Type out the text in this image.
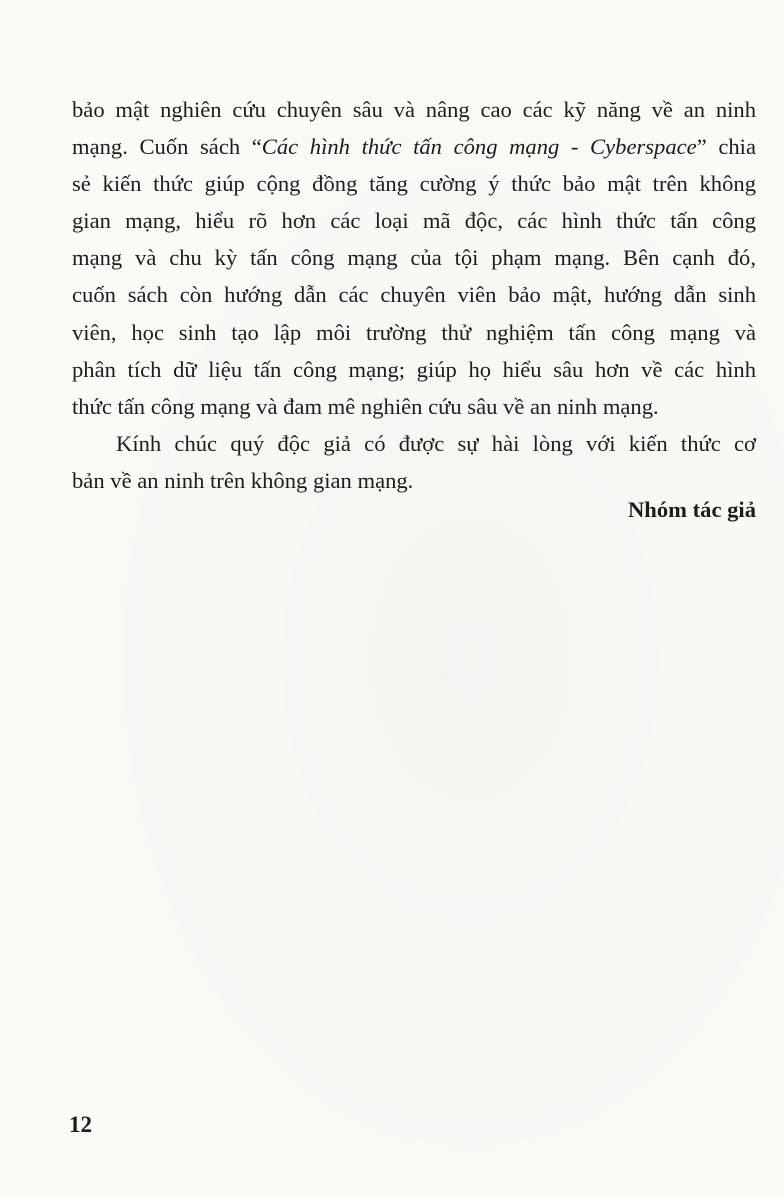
bảo mật nghiên cứu chuyên sâu và nâng cao các kỹ năng về an ninh
mạng. Cuốn sách “Các hình thức tấn công mạng - Cyberspace” chia
sẻ kiến thức giúp cộng đồng tăng cường ý thức bảo mật trên không
gian mạng, hiểu rõ hơn các loại mã độc, các hình thức tấn công
mạng và chu kỳ tấn công mạng của tội phạm mạng. Bên cạnh đó,
cuốn sách còn hướng dẫn các chuyên viên bảo mật, hướng dẫn sinh
viên, học sinh tạo lập môi trường thử nghiệm tấn công mạng và
phân tích dữ liệu tấn công mạng; giúp họ hiểu sâu hơn về các hình
thức tấn công mạng và đam mê nghiên cứu sâu về an ninh mạng.
Kính chúc quý độc giả có được sự hài lòng với kiến thức cơ
bản về an ninh trên không gian mạng.
Nhóm tác giả
12
